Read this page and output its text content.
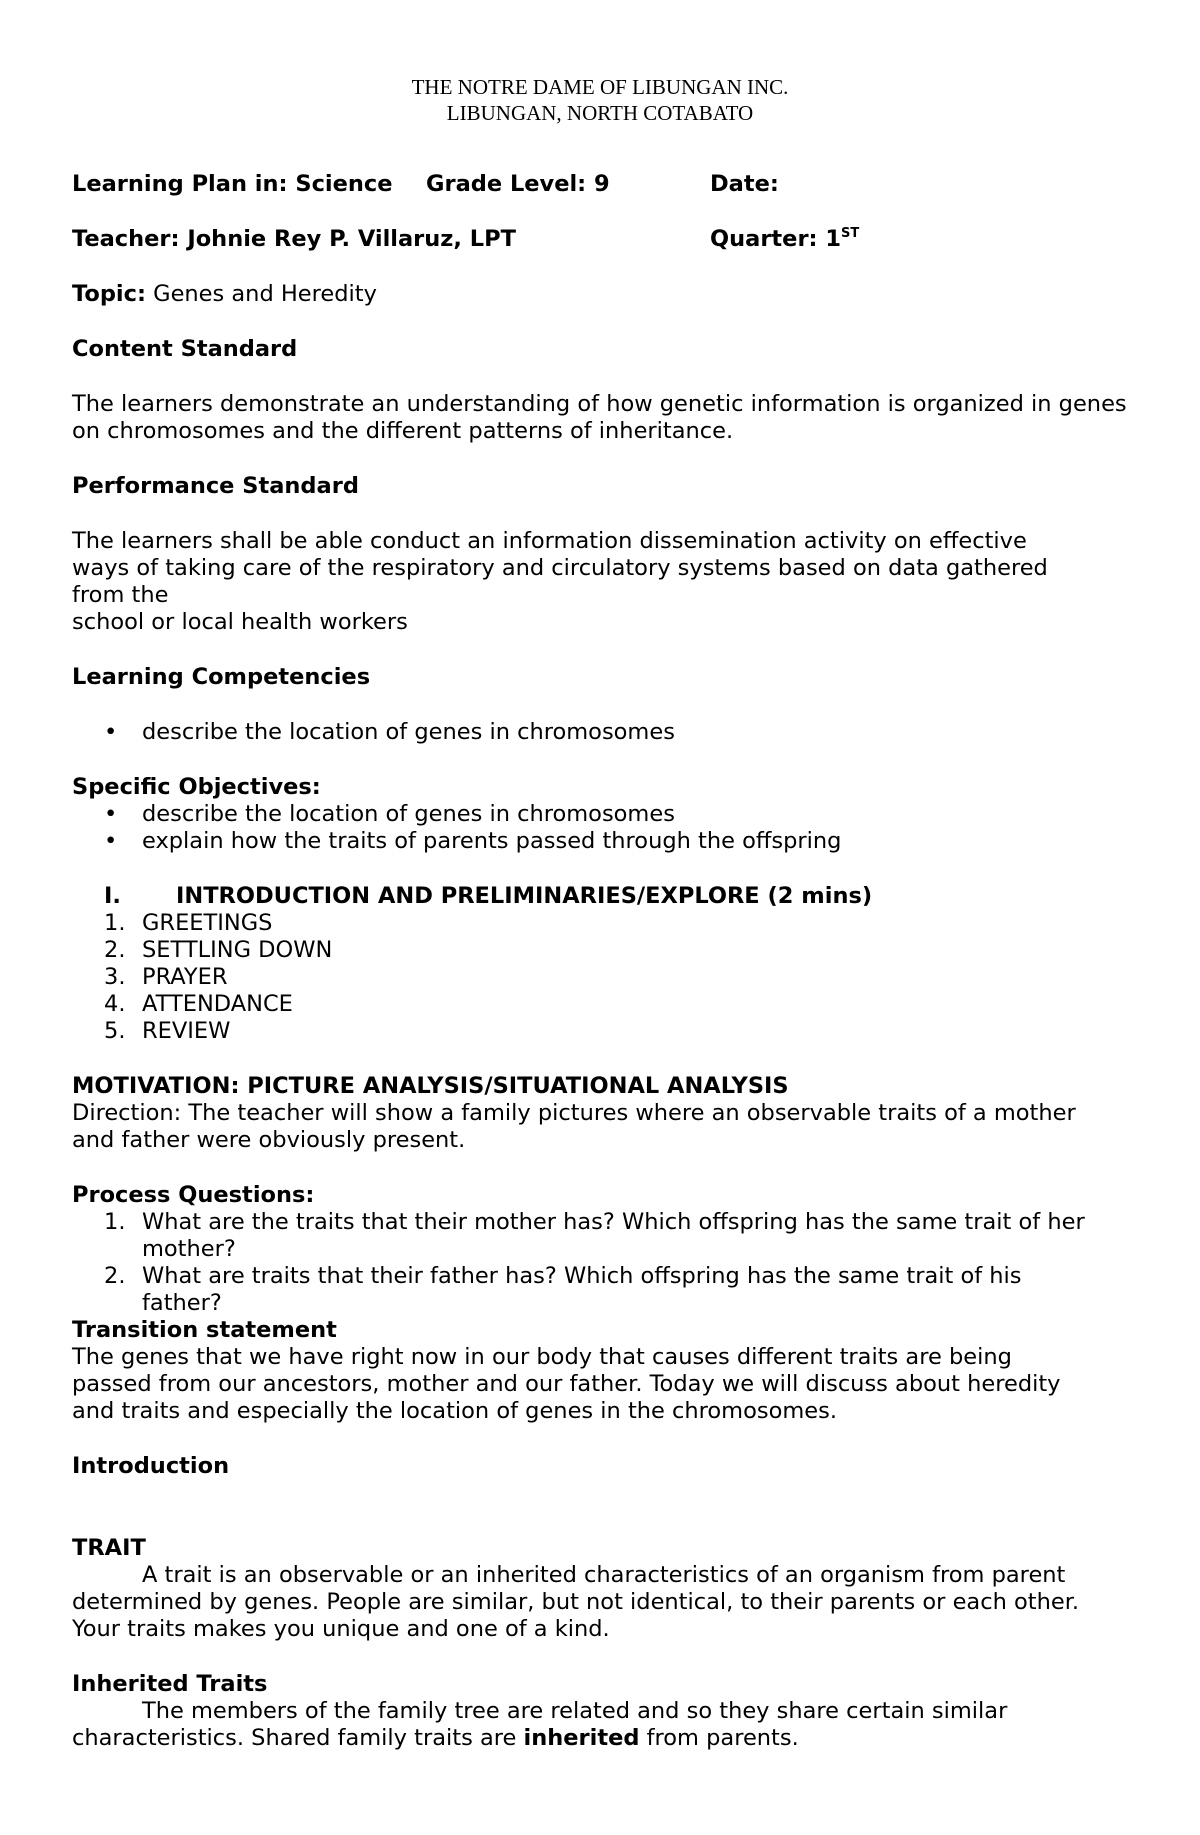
THE NOTRE DAME OF LIBUNGAN INC.
LIBUNGAN, NORTH COTABATO
Learning Plan in: Science Grade Level: 9	Date:
Teacher: Johnie Rey P. Villaruz, LPT	Quarter: 1ST
Topic: Genes and Heredity
Content Standard

The learners demonstrate an understanding of how genetic information is organized in genes on chromosomes and the different patterns of inheritance.

Performance Standard
The learners shall be able conduct an information dissemination activity on effective
ways of taking care of the respiratory and circulatory systems based on data gathered
from the
school or local health workers
Learning Competencies
• describe the location of genes in chromosomes
Specific Objectives:
• describe the location of genes in chromosomes
• explain how the traits of parents passed through the offspring
I. INTRODUCTION AND PRELIMINARIES/EXPLORE (2 mins)
1. GREETINGS
2. SETTLING DOWN
3. PRAYER
4. ATTENDANCE
5. REVIEW
MOTIVATION: PICTURE ANALYSIS/SITUATIONAL ANALYSIS
Direction: The teacher will show a family pictures where an observable traits of a mother
and father were obviously present.
Process Questions:
1. What are the traits that their mother has? Which offspring has the same trait of her
mother?
2. What are traits that their father has? Which offspring has the same trait of his
father?
Transition statement
The genes that we have right now in our body that causes different traits are being
passed from our ancestors, mother and our father. Today we will discuss about heredity
and traits and especially the location of genes in the chromosomes.
Introduction
TRAIT
A trait is an observable or an inherited characteristics of an organism from parent
determined by genes. People are similar, but not identical, to their parents or each other.
Your traits makes you unique and one of a kind.
Inherited Traits
The members of the family tree are related and so they share certain similar
characteristics. Shared family traits are inherited from parents.
